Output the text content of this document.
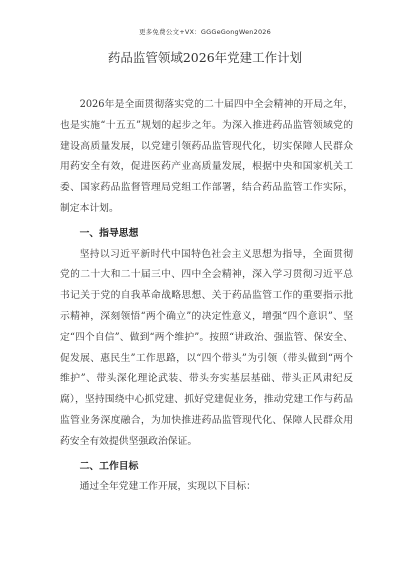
更多免费公文+VX：GGGeGongWen2026
药品监管领域2026年党建工作计划

2026年是全面贯彻落实党的二十届四中全会精神的开局之年，也是实施“十五五”规划的起步之年。为深入推进药品监管领域党的建设高质量发展，以党建引领药品监管现代化，切实保障人民群众用药安全有效，促进医药产业高质量发展，根据中央和国家机关工委、国家药品监督管理局党组工作部署，结合药品监管工作实际，制定本计划。

一、指导思想

坚持以习近平新时代中国特色社会主义思想为指导，全面贯彻党的二十大和二十届三中、四中全会精神，深入学习贯彻习近平总书记关于党的自我革命战略思想、关于药品监管工作的重要指示批示精神，深刻领悟“两个确立”的决定性意义，增强“四个意识”、坚定“四个自信”、做到“两个维护”。按照“讲政治、强监管、保安全、促发展、惠民生”工作思路，以“四个带头”为引领（带头做到“两个维护”、带头深化理论武装、带头夯实基层基础、带头正风肃纪反腐），坚持围绕中心抓党建、抓好党建促业务，推动党建工作与药品监管业务深度融合，为加快推进药品监管现代化、保障人民群众用药安全有效提供坚强政治保证。

二、工作目标

通过全年党建工作开展，实现以下目标：
